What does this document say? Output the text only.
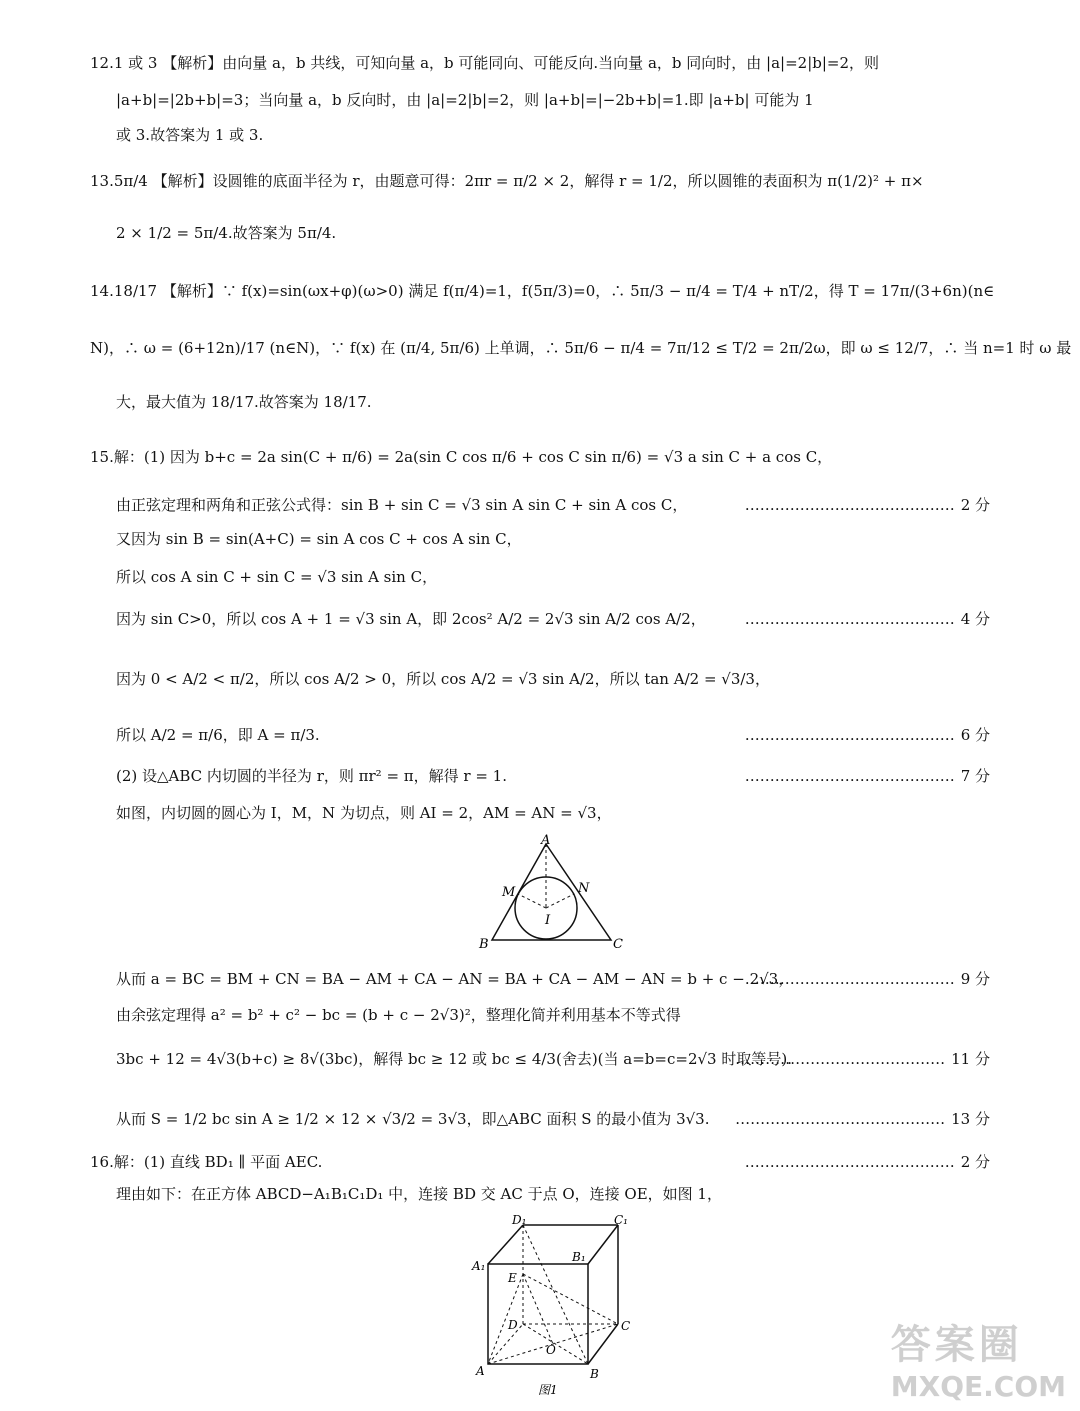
12.1 或 3 【解析】由向量 a，b 共线，可知向量 a，b 可能同向、可能反向.当向量 a，b 同向时，由 |a|=2|b|=2，则
|a+b|=|2b+b|=3；当向量 a，b 反向时，由 |a|=2|b|=2，则 |a+b|=|−2b+b|=1.即 |a+b| 可能为 1
或 3.故答案为 1 或 3.
13.5π/4 【解析】设圆锥的底面半径为 r，由题意可得：2πr = π/2 × 2，解得 r = 1/2，所以圆锥的表面积为 π(1/2)² + π×
2 × 1/2 = 5π/4.故答案为 5π/4.
14.18/17 【解析】∵ f(x)=sin(ωx+φ)(ω>0) 满足 f(π/4)=1，f(5π/3)=0，∴ 5π/3 − π/4 = T/4 + nT/2，得 T = 17π/(3+6n)(n∈
N)，∴ ω = (6+12n)/17 (n∈N)，∵ f(x) 在 (π/4, 5π/6) 上单调，∴ 5π/6 − π/4 = 7π/12 ≤ T/2 = 2π/2ω，即 ω ≤ 12/7，∴ 当 n=1 时 ω 最
大，最大值为 18/17.故答案为 18/17.
15.解：(1) 因为 b+c = 2a sin(C + π/6) = 2a(sin C cos π/6 + cos C sin π/6) = √3 a sin C + a cos C，
由正弦定理和两角和正弦公式得：sin B + sin C = √3 sin A sin C + sin A cos C，	…………………………………… 2 分
又因为 sin B = sin(A+C) = sin A cos C + cos A sin C，
所以 cos A sin C + sin C = √3 sin A sin C，
因为 sin C>0，所以 cos A + 1 = √3 sin A，即 2cos² A/2 = 2√3 sin A/2 cos A/2，	…………………………………… 4 分
因为 0 < A/2 < π/2，所以 cos A/2 > 0，所以 cos A/2 = √3 sin A/2，所以 tan A/2 = √3/3，
所以 A/2 = π/6，即 A = π/3.	…………………………………… 6 分
(2) 设△ABC 内切圆的半径为 r，则 πr² = π，解得 r = 1.	…………………………………… 7 分
如图，内切圆的圆心为 I，M，N 为切点，则 AI = 2，AM = AN = √3，
A
B	C
M	N
I
从而 a = BC = BM + CN = BA − AM + CA − AN = BA + CA − AM − AN = b + c − 2√3，
…………………………………… 9 分
由余弦定理得 a² = b² + c² − bc = (b + c − 2√3)²，整理化简并利用基本不等式得
3bc + 12 = 4√3(b+c) ≥ 8√(3bc)，解得 bc ≥ 12 或 bc ≤ 4/3(舍去)(当 a=b=c=2√3 时取等号).
…………………………………… 11 分
从而 S = 1/2 bc sin A ≥ 1/2 × 12 × √3/2 = 3√3，即△ABC 面积 S 的最小值为 3√3.	…………………………………… 13 分
16.解：(1) 直线 BD₁ ∥ 平面 AEC.	…………………………………… 2 分
理由如下：在正方体 ABCD−A₁B₁C₁D₁ 中，连接 BD 交 AC 于点 O，连接 OE，如图 1，
D₁	C₁
A₁
B₁
E
D	C
O
A	B
图1
答案圈
MXQE.COM
